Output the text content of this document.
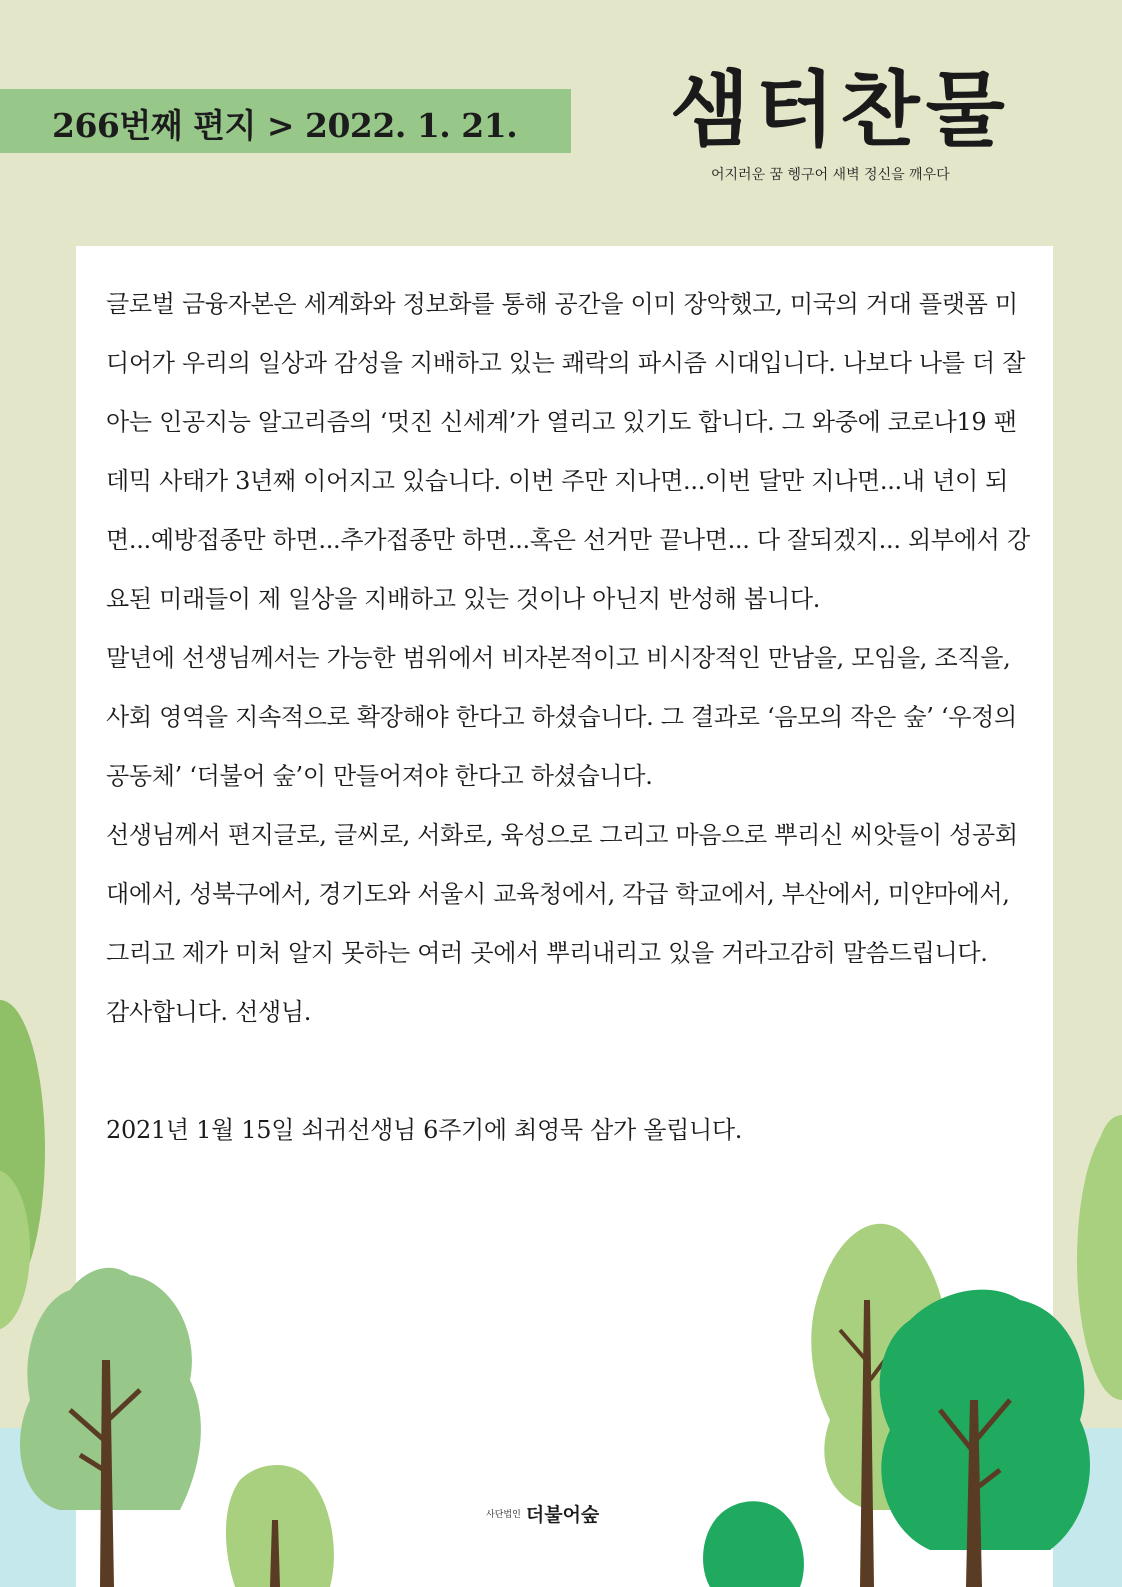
266번째 편지 > 2022. 1. 21. 샘터찬물
어지러운 꿈 헹구어 새벽 정신을 깨우다

글로벌 금융자본은 세계화와 정보화를 통해 공간을 이미 장악했고, 미국의 거대 플랫폼 미디어가 우리의 일상과 감성을 지배하고 있는 쾌락의 파시즘 시대입니다. 나보다 나를 더 잘 아는 인공지능 알고리즘의 ‘멋진 신세계’가 열리고 있기도 합니다. 그 와중에 코로나19 팬데믹 사태가 3년째 이어지고 있습니다. 이번 주만 지나면...이번 달만 지나면...내 년이 되면...예방접종만 하면...추가접종만 하면...혹은 선거만 끝나면... 다 잘되겠지... 외부에서 강요된 미래들이 제 일상을 지배하고 있는 것이나 아닌지 반성해 봅니다.

말년에 선생님께서는 가능한 범위에서 비자본적이고 비시장적인 만남을, 모임을, 조직을, 사회 영역을 지속적으로 확장해야 한다고 하셨습니다. 그 결과로 ‘음모의 작은 숲’ ‘우정의 공동체’ ‘더불어 숲’이 만들어져야 한다고 하셨습니다.

선생님께서 편지글로, 글씨로, 서화로, 육성으로 그리고 마음으로 뿌리신 씨앗들이 성공회대에서, 성북구에서, 경기도와 서울시 교육청에서, 각급 학교에서, 부산에서, 미얀마에서, 그리고 제가 미처 알지 못하는 여러 곳에서 뿌리내리고 있을 거라고감히 말씀드립니다.

감사합니다. 선생님.

2021년 1월 15일 쇠귀선생님 6주기에 최영묵 삼가 올립니다.

사단법인 더불어숲
